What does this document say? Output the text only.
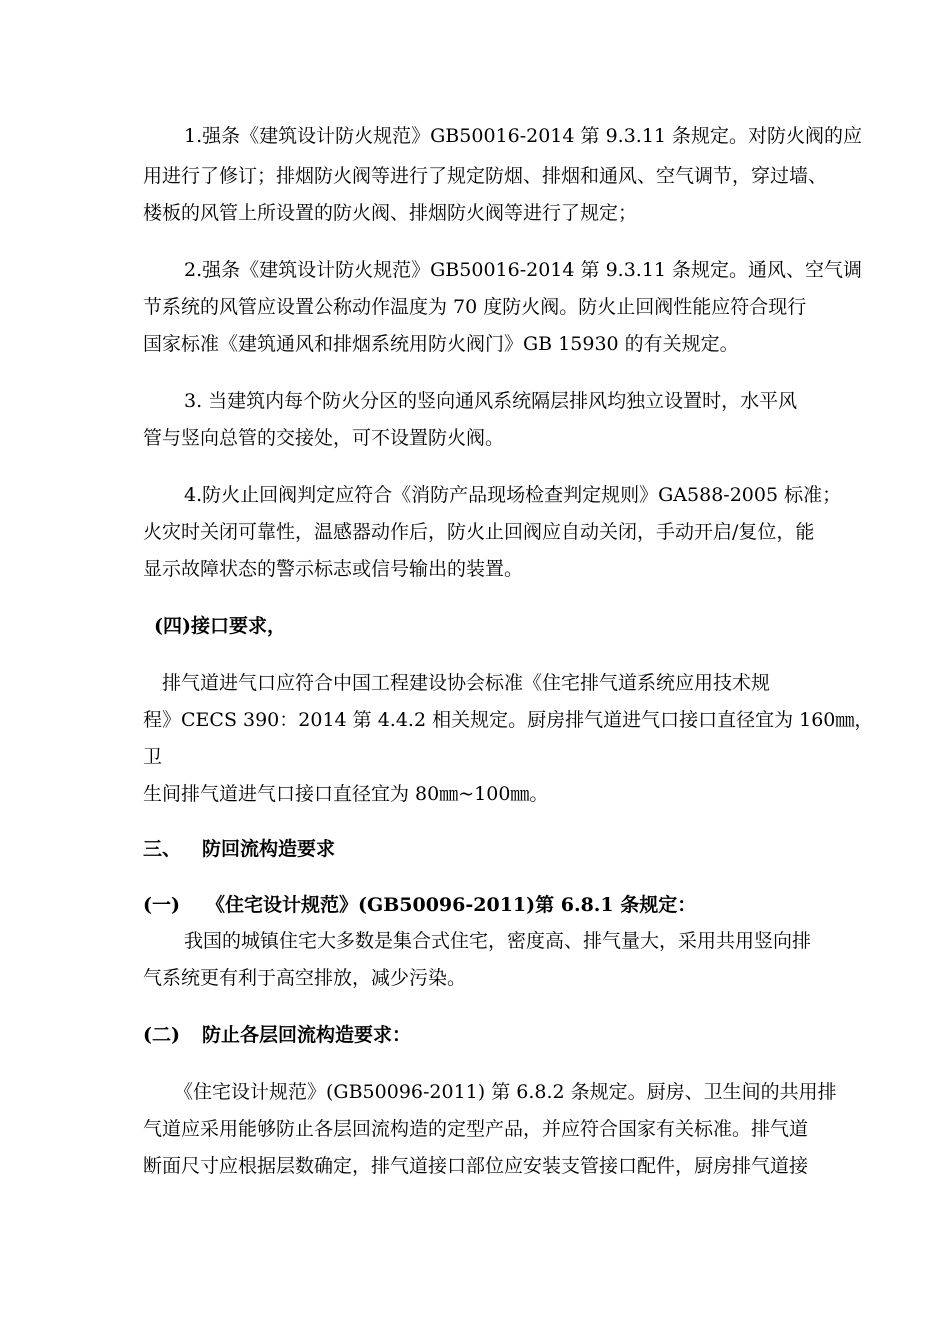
1.强条《建筑设计防火规范》GB50016-2014 第 9.3.11 条规定。对防火阀的应
用进行了修订；排烟防火阀等进行了规定防烟、排烟和通风、空气调节，穿过墙、
楼板的风管上所设置的防火阀、排烟防火阀等进行了规定；
2.强条《建筑设计防火规范》GB50016-2014 第 9.3.11 条规定。通风、空气调
节系统的风管应设置公称动作温度为 70 度防火阀。防火止回阀性能应符合现行
国家标准《建筑通风和排烟系统用防火阀门》GB 15930 的有关规定。
3. 当建筑内每个防火分区的竖向通风系统隔层排风均独立设置时，水平风
管与竖向总管的交接处，可不设置防火阀。
4.防火止回阀判定应符合《消防产品现场检查判定规则》GA588-2005 标准；
火灾时关闭可靠性，温感器动作后，防火止回阀应自动关闭，手动开启/复位，能
显示故障状态的警示标志或信号输出的装置。
(四)接口要求，
排气道进气口应符合中国工程建设协会标准《住宅排气道系统应用技术规
程》CECS 390：2014 第 4.4.2 相关规定。厨房排气道进气口接口直径宜为 160㎜，
卫
生间排气道进气口接口直径宜为 80㎜~100㎜。
三、 防回流构造要求
(一) 《住宅设计规范》(GB50096-2011)第 6.8.1 条规定：
我国的城镇住宅大多数是集合式住宅，密度高、排气量大，采用共用竖向排
气系统更有利于高空排放，减少污染。
(二) 防止各层回流构造要求：
《住宅设计规范》(GB50096-2011) 第 6.8.2 条规定。厨房、卫生间的共用排
气道应采用能够防止各层回流构造的定型产品，并应符合国家有关标准。排气道
断面尺寸应根据层数确定，排气道接口部位应安装支管接口配件，厨房排气道接
